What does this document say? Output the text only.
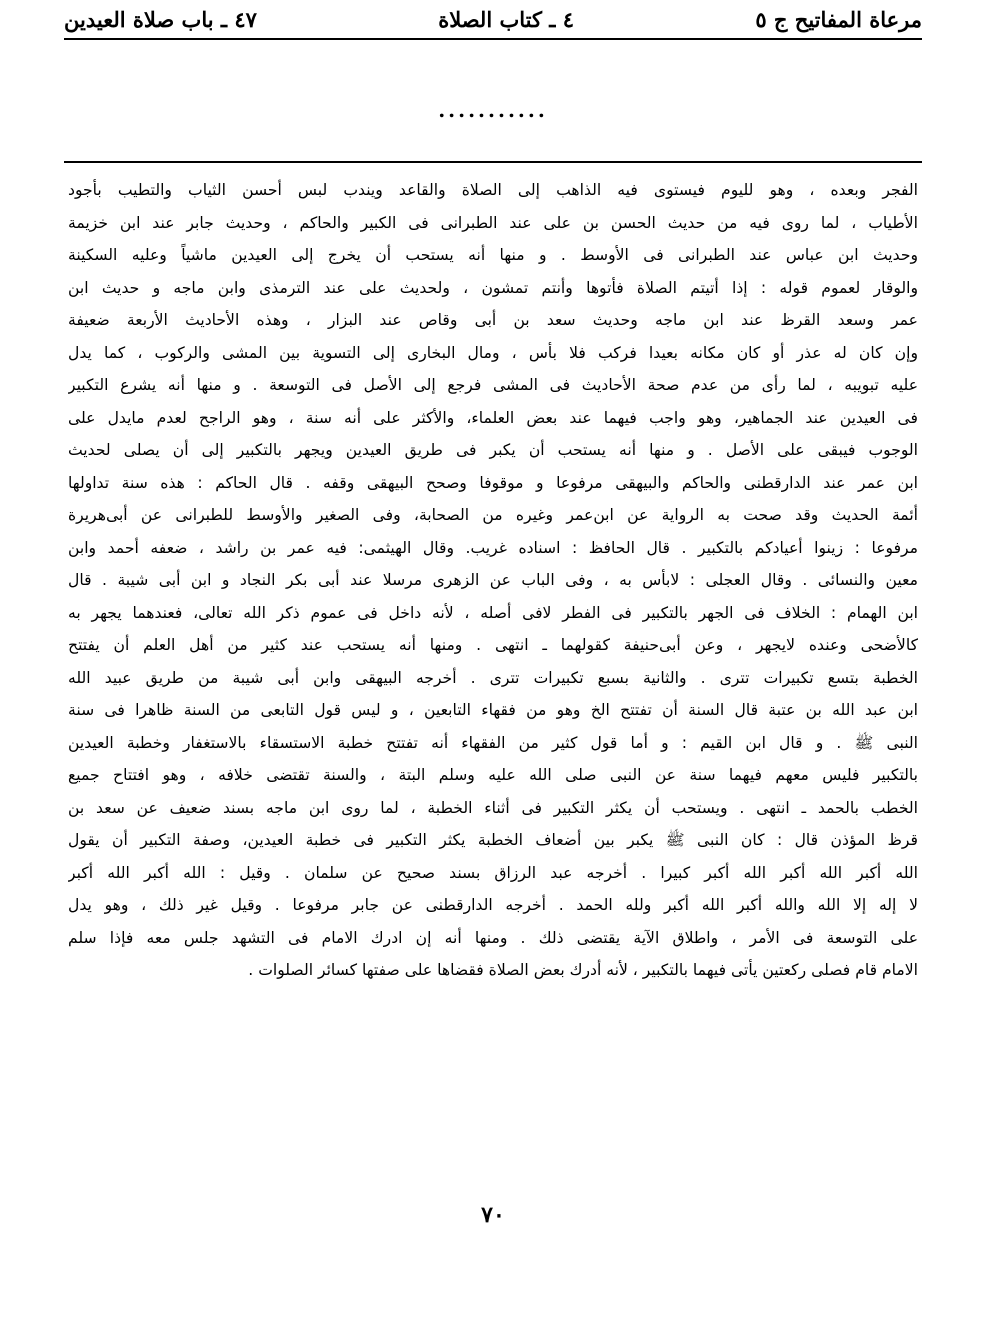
مرعاة المفاتيح ج ٥
٤ ـ كتاب الصلاة
٤٧ ـ باب صلاة العيدين
...........
الفجر وبعده ، وهو لليوم فيستوى فيه الذاهب إلى الصلاة والقاعد ويندب لبس أحسن الثياب والتطيب بأجود
الأطياب ، لما روى فيه من حديث الحسن بن على عند الطبرانى فى الكبير والحاكم ، وحديث جابر عند ابن خزيمة
وحديث ابن عباس عند الطبرانى فى الأوسط . و منها أنه يستحب أن يخرج إلى العيدين ماشياً وعليه السكينة
والوقار لعموم قوله : إذا أتيتم الصلاة فأتوها وأنتم تمشون ، ولحديث على عند الترمذى وابن ماجه و حديث ابن
عمر وسعد القرظ عند ابن ماجه وحديث سعد بن أبى وقاص عند البزار ، وهذه الأحاديث الأربعة ضعيفة
وإن كان له عذر أو كان مكانه بعيدا فركب فلا بأس ، ومال البخارى إلى التسوية بين المشى والركوب ، كما يدل
عليه تبويبه ، لما رأى من عدم صحة الأحاديث فى المشى فرجع إلى الأصل فى التوسعة . و منها أنه يشرع التكبير
فى العيدين عند الجماهير، وهو واجب فيهما عند بعض العلماء، والأكثر على أنه سنة ، وهو الراجح لعدم مايدل على
الوجوب فيبقى على الأصل . و منها أنه يستحب أن يكبر فى طريق العيدين ويجهر بالتكبير إلى أن يصلى لحديث
ابن عمر عند الدارقطنى والحاكم والبيهقى مرفوعا و موقوفا وصحح البيهقى وقفه . قال الحاكم : هذه سنة تداولها
أئمة الحديث وقد صحت به الرواية عن ابن‌عمر وغيره من الصحابة، وفى الصغير والأوسط للطبرانى عن أبى‌هريرة
مرفوعا : زينوا أعيادكم بالتكبير . قال الحافظ : اسناده غريب. وقال الهيثمى: فيه عمر بن راشد ، ضعفه أحمد وابن
معين والنسائى . وقال العجلى : لابأس به ، وفى الباب عن الزهرى مرسلا عند أبى بكر النجاد و ابن أبى شيبة . قال
ابن الهمام : الخلاف فى الجهر بالتكبير فى الفطر لافى أصله ، لأنه داخل فى عموم ذكر الله تعالى، فعندهما يجهر به
كالأضحى وعنده لايجهر ، وعن أبى‌حنيفة كقولهما ـ انتهى . ومنها أنه يستحب عند كثير من أهل العلم أن يفتتح
الخطبة بتسع تكبيرات تترى . والثانية بسبع تكبيرات تترى . أخرجه البيهقى وابن أبى شيبة من طريق عبيد الله
ابن عبد الله بن عتبة قال السنة أن تفتتح الخ وهو من فقهاء التابعين ، و ليس قول التابعى من السنة ظاهرا فى سنة
النبى ﷺ . و قال ابن القيم : و أما قول كثير من الفقهاء أنه تفتتح خطبة الاستسقاء بالاستغفار وخطبة العيدين
بالتكبير فليس معهم فيهما سنة عن النبى صلى الله عليه وسلم البتة ، والسنة تقتضى خلافه ، وهو افتتاح جميع
الخطب بالحمد ـ انتهى . ويستحب أن يكثر التكبير فى أثناء الخطبة ، لما روى ابن ماجه بسند ضعيف عن سعد بن
قرظ المؤذن قال : كان النبى ﷺ يكبر بين أضعاف الخطبة يكثر التكبير فى خطبة العيدين، وصفة التكبير أن يقول
الله أكبر الله أكبر الله أكبر كبيرا . أخرجه عبد الرزاق بسند صحيح عن سلمان . وقيل : الله أكبر الله أكبر
لا إله إلا الله والله أكبر الله أكبر ولله الحمد . أخرجه الدارقطنى عن جابر مرفوعا . وقيل غير ذلك ، وهو يدل
على التوسعة فى الأمر ، واطلاق الآية يقتضى ذلك . ومنها أنه إن ادرك الامام فى التشهد جلس معه فإذا سلم
الامام قام فصلى ركعتين يأتى فيهما بالتكبير ، لأنه أدرك بعض الصلاة فقضاها على صفتها كسائر الصلوات .
٧٠
